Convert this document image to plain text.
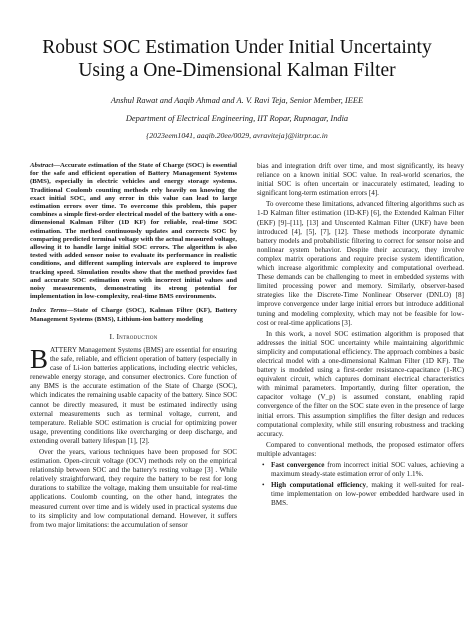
Robust SOC Estimation Under Initial Uncertainty
Using a One-Dimensional Kalman Filter
Anshul Rawat and Aaqib Ahmad and A. V. Ravi Teja, Senior Member, IEEE
Department of Electrical Engineering, IIT Ropar, Rupnagar, India
{2023eem1041, aaqib.20ee/0029, avraviteja}@iitrpr.ac.in
Abstract—Accurate estimation of the State of Charge (SOC) is essential for the safe and efficient operation of Battery Management Systems (BMS), especially in electric vehicles and energy storage systems. Traditional Coulomb counting methods rely heavily on knowing the exact initial SOC, and any error in this value can lead to large estimation errors over time. To overcome this problem, this paper combines a simple first-order electrical model of the battery with a one-dimensional Kalman Filter (1D KF) for reliable, real-time SOC estimation. The method continuously updates and corrects SOC by comparing predicted terminal voltage with the actual measured voltage, allowing it to handle large initial SOC errors. The algorithm is also tested with added sensor noise to evaluate its performance in realistic conditions, and different sampling intervals are explored to improve tracking speed. Simulation results show that the method provides fast and accurate SOC estimation even with incorrect initial values and noisy measurements, demonstrating its strong potential for implementation in low-complexity, real-time BMS environments.
Index Terms—State of Charge (SOC), Kalman Filter (KF), Battery Management Systems (BMS), Lithium-ion battery modeling
I. Introduction

BATTERY Management Systems (BMS) are essential for ensuring the safe, reliable, and efficient operation of battery (especially in case of Li-ion batteries applications, including electric vehicles, renewable energy storage, and consumer electronics. Core function of any BMS is the accurate estimation of the State of Charge (SOC), which indicates the remaining usable capacity of the battery. Since SOC cannot be directly measured, it must be estimated indirectly using external measurements such as terminal voltage, current, and temperature. Reliable SOC estimation is crucial for optimizing power usage, preventing conditions like overcharging or deep discharge, and extending overall battery lifespan [1], [2].

Over the years, various techniques have been proposed for SOC estimation. Open-circuit voltage (OCV) methods rely on the empirical relationship between SOC and the battery's resting voltage [3] . While relatively straightforward, they require the battery to be rest for long durations to stabilize the voltage, making them unsuitable for real-time applications. Coulomb counting, on the other hand, integrates the measured current over time and is widely used in practical systems due to its simplicity and low computational demand. However, it suffers from two major limitations: the accumulation of sensor

bias and integration drift over time, and most significantly, its heavy reliance on a known initial SOC value. In real-world scenarios, the initial SOC is often uncertain or inaccurately estimated, leading to significant long-term estimation errors [4].

To overcome these limitations, advanced filtering algorithms such as 1-D Kalman filter estimation (1D-KF) [6], the Extended Kalman Filter (EKF) [9]–[11], [13] and Unscented Kalman Filter (UKF) have been introduced [4], [5], [7], [12]. These methods incorporate dynamic battery models and probabilistic filtering to correct for sensor noise and nonlinear system behavior. Despite their accuracy, they involve complex matrix operations and require precise system identification, which increase algorithmic complexity and computational overhead. These demands can be challenging to meet in embedded systems with limited processing power and memory. Similarly, observer-based strategies like the Discrete-Time Nonlinear Observer (DNLO) [8] improve convergence under large initial errors but introduce additional tuning and modeling complexity, which may not be feasible for low-cost or real-time applications [3].

In this work, a novel SOC estimation algorithm is proposed that addresses the initial SOC uncertainty while maintaining algorithmic simplicity and computational efficiency. The approach combines a basic electrical model with a one-dimensional Kalman Filter (1D KF). The battery is modeled using a first-order resistance-capacitance (1-RC) equivalent circuit, which captures dominant electrical characteristics with minimal parameters. Importantly, during filter operation, the capacitor voltage (V_p) is assumed constant, enabling rapid convergence of the filter on the SOC state even in the presence of large initial errors. This assumption simplifies the filter design and reduces computational complexity, while still ensuring robustness and tracking accuracy.

Compared to conventional methods, the proposed estimator offers multiple advantages:

• Fast convergence from incorrect initial SOC values, achieving a maximum steady-state estimation error of only 1.1%.
• High computational efficiency, making it well-suited for real-time implementation on low-power embedded hardware used in BMS.
